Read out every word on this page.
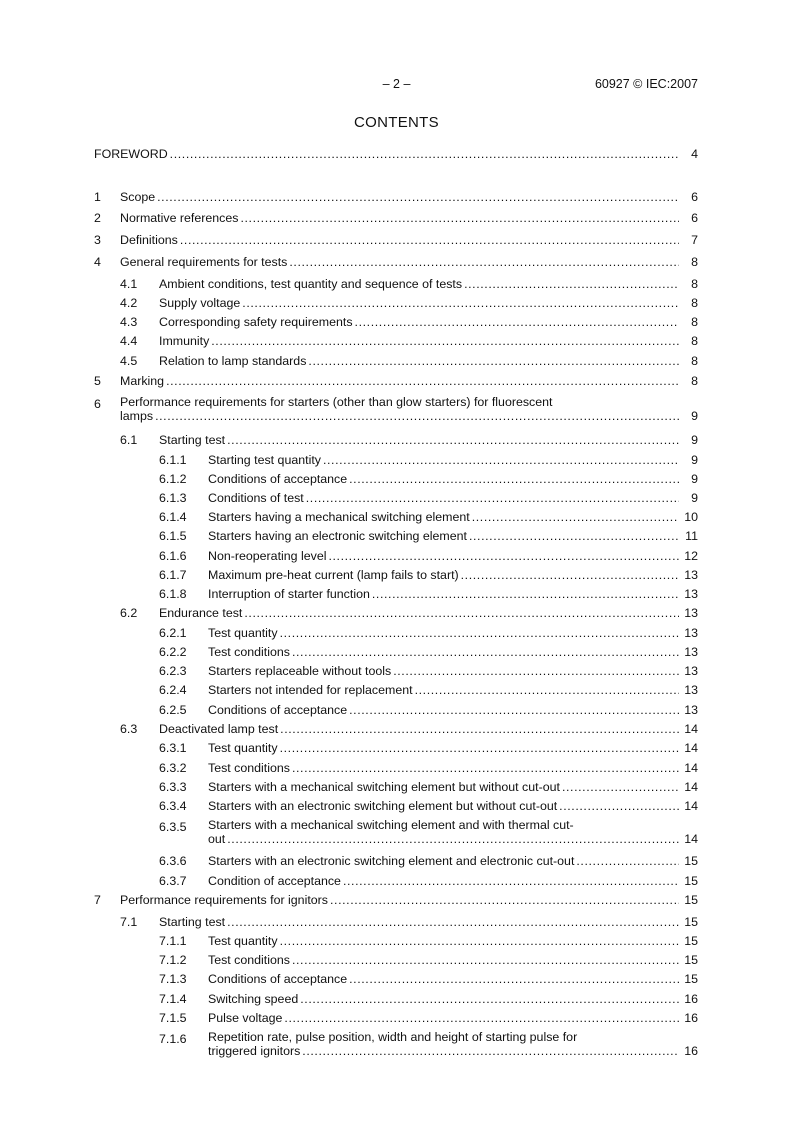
– 2 –	60927 © IEC:2007
CONTENTS
FOREWORD .....	4
1 Scope .....	6
2 Normative references .....	6
3 Definitions .....	7
4 General requirements for tests .....	8
4.1 Ambient conditions, test quantity and sequence of tests .....	8
4.2 Supply voltage .....	8
4.3 Corresponding safety requirements .....	8
4.4 Immunity .....	8
4.5 Relation to lamp standards .....	8
5 Marking .....	8
6 Performance requirements for starters (other than glow starters) for fluorescent
lamps .....	9
6.1 Starting test .....	9
6.1.1 Starting test quantity .....	9
6.1.2 Conditions of acceptance .....	9
6.1.3 Conditions of test .....	9
6.1.4 Starters having a mechanical switching element .....	10
6.1.5 Starters having an electronic switching element .....	11
6.1.6 Non-reoperating level .....	12
6.1.7 Maximum pre-heat current (lamp fails to start) .....	13
6.1.8 Interruption of starter function .....	13
6.2 Endurance test .....	13
6.2.1 Test quantity .....	13
6.2.2 Test conditions .....	13
6.2.3 Starters replaceable without tools .....	13
6.2.4 Starters not intended for replacement .....	13
6.2.5 Conditions of acceptance .....	13
6.3 Deactivated lamp test .....	14
6.3.1 Test quantity .....	14
6.3.2 Test conditions .....	14
6.3.3 Starters with a mechanical switching element but without cut-out .....	14
6.3.4 Starters with an electronic switching element but without cut-out .....	14
6.3.5 Starters with a mechanical switching element and with thermal cut-
out .....	14
6.3.6 Starters with an electronic switching element and electronic cut-out .....	15
6.3.7 Condition of acceptance .....	15
7 Performance requirements for ignitors .....	15
7.1 Starting test .....	15
7.1.1 Test quantity .....	15
7.1.2 Test conditions .....	15
7.1.3 Conditions of acceptance .....	15
7.1.4 Switching speed .....	16
7.1.5 Pulse voltage .....	16
7.1.6 Repetition rate, pulse position, width and height of starting pulse for
triggered ignitors .....	16
